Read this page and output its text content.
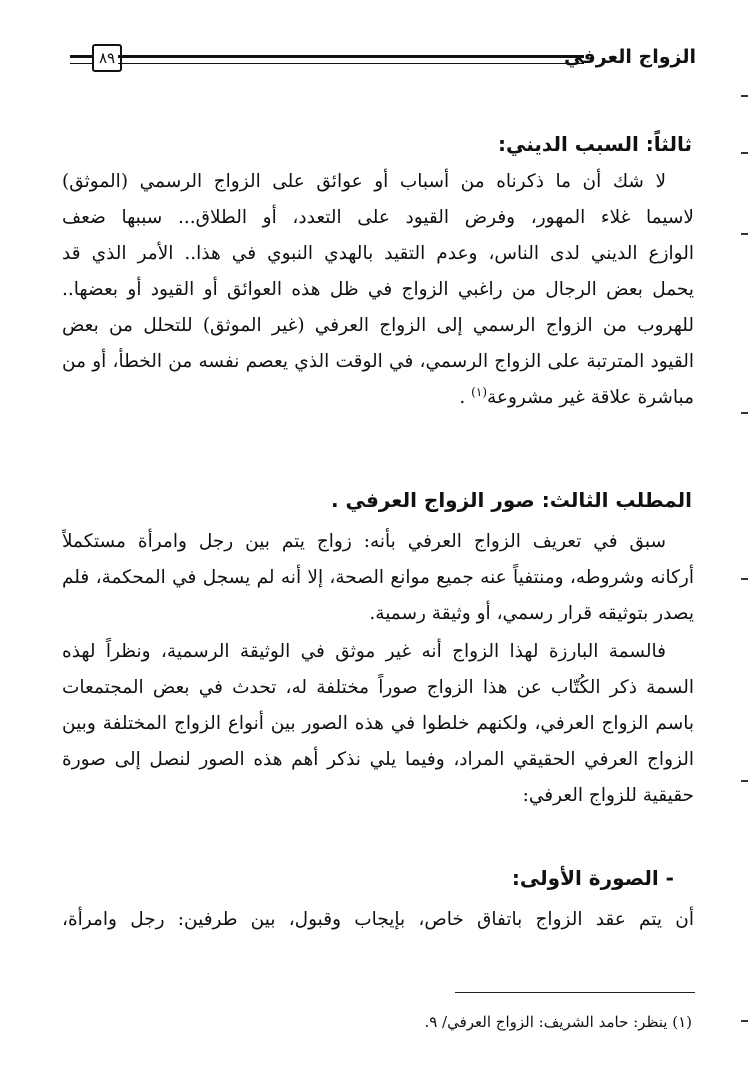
٨٩	الزواج العرفي
ثالثاً: السبب الديني:
لا شك أن ما ذكرناه من أسباب أو عوائق على الزواج الرسمي (الموثق)
لاسيما غلاء المهور، وفرض القيود على التعدد، أو الطلاق... سببها ضعف
الوازع الديني لدى الناس، وعدم التقيد بالهدي النبوي في هذا.. الأمر الذي قد
يحمل بعض الرجال من راغبي الزواج في ظل هذه العوائق أو القيود أو بعضها..
للهروب من الزواج الرسمي إلى الزواج العرفي (غير الموثق) للتحلل من بعض
القيود المترتبة على الزواج الرسمي، في الوقت الذي يعصم نفسه من الخطأ، أو من
مباشرة علاقة غير مشروعة$^{(١)}$ .
المطلب الثالث: صور الزواج العرفي .
سبق في تعريف الزواج العرفي بأنه: زواج يتم بين رجل وامرأة مستكملاً
أركانه وشروطه، ومنتفياً عنه جميع موانع الصحة، إلا أنه لم يسجل في المحكمة، فلم
يصدر بتوثيقه قرار رسمي، أو وثيقة رسمية.
فالسمة البارزة لهذا الزواج أنه غير موثق في الوثيقة الرسمية، ونظراً لهذه
السمة ذكر الكُتّاب عن هذا الزواج صوراً مختلفة له، تحدث في بعض المجتمعات
باسم الزواج العرفي، ولكنهم خلطوا في هذه الصور بين أنواع الزواج المختلفة وبين
الزواج العرفي الحقيقي المراد، وفيما يلي نذكر أهم هذه الصور لنصل إلى صورة
حقيقية للزواج العرفي:
- الصورة الأولى:
أن يتم عقد الزواج باتفاق خاص، بإيجاب وقبول، بين طرفين: رجل وامرأة،
(١) ينظر: حامد الشريف: الزواج العرفي/ ٩.
